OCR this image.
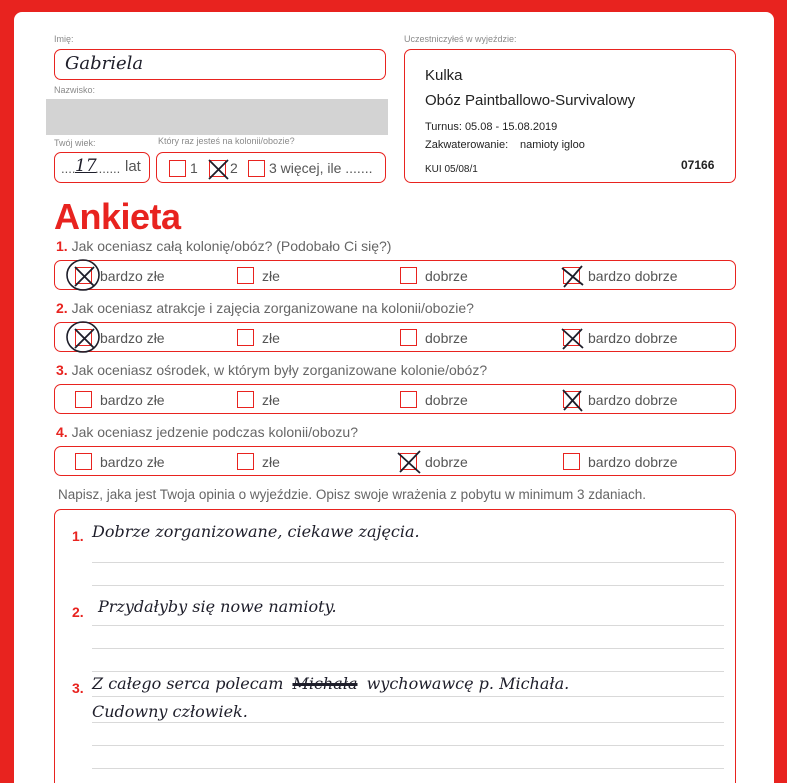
Imię:
Gabriela
Nazwisko:
Twój wiek:
.... 17
....... lat
Który raz jesteś na kolonii/obozie?
1 2 3 więcej, ile .......
Uczestniczyłeś w wyjeździe:
Kulka
Obóz Paintballowo-Survivalowy
Turnus: 05.08 - 15.08.2019
Zakwaterowanie: namioty igloo
KUI 05/08/1	07166
Ankieta
1. Jak oceniasz całą kolonię/obóz? (Podobało Ci się?)
bardzo złe	złe	dobrze	bardzo dobrze
2. Jak oceniasz atrakcje i zajęcia zorganizowane na kolonii/obozie?
bardzo złe	złe	dobrze	bardzo dobrze
3. Jak oceniasz ośrodek, w którym były zorganizowane kolonie/obóz?
bardzo złe	złe	dobrze	bardzo dobrze
4. Jak oceniasz jedzenie podczas kolonii/obozu?
bardzo złe	złe	dobrze	bardzo dobrze
Napisz, jaka jest Twoja opinia o wyjeździe. Opisz swoje wrażenia z pobytu w minimum 3 zdaniach.
1. Dobrze zorganizowane, ciekawe zajęcia.
2. Przydałyby się nowe namioty.
3. Z całego serca polecam Michała wychowawcę p. Michała.
Cudowny człowiek.
